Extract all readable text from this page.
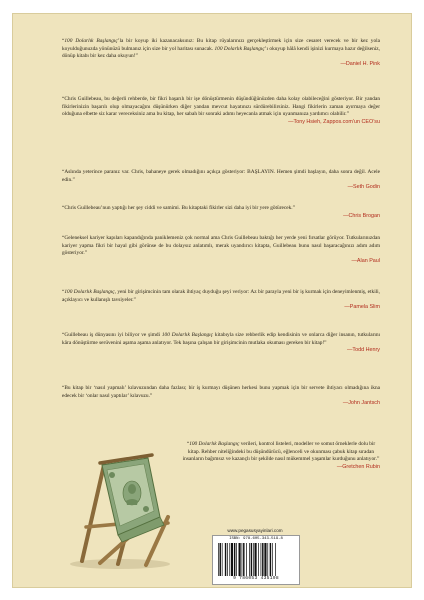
“100 Dolarlık Başlangıç’la bir koyup iki kazanacaksınız: Bu kitap rüyalarınızı gerçekleştirmek için size cesaret verecek ve bir kez yola koyulduğunuzda yönünüzü bulmanız için size bir yol haritası sunacak. 100 Dolarlık Başlangıç’ı okuyup hâlâ kendi işinizi kurmaya hazır değilseniz, dönüp kitabı bir kez daha okuyun!”
—Daniel H. Pink
“Chris Guillebeau, bu değerli rehberde, bir fikri başarılı bir işe dönüştürmenin düşündüğünüzden daha kolay olabileceğini gösteriyor. Bir yandan fikirlerinizin başarılı olup olmayacağını düşünürken diğer yandan mevcut hayatınızı sürdürebilirsiniz. Hangi fikirlerin zaman ayırmaya değer olduğuna elbette siz karar vereceksiniz ama bu kitap, her sabah bir sonraki adımı heyecanla atmak için uyanmanıza yardımcı olabilir.”
—Tony Hsieh, Zappos.com’un CEO’su
“Aslında yeterince paranız var. Chris, bahaneye gerek olmadığını açıkça gösteriyor: BAŞLAYIN. Hemen şimdi başlayın, daha sonra değil. Acele edin.”
—Seth Godin
“Chris Guillebeau’nun yaptığı her şey ciddi ve samimi. Bu kitaptaki fikirler sizi daha iyi bir yere götürecek.”
—Chris Brogan
“Geleneksel kariyer kapıları kapandığında paniklemeniz çok normal ama Chris Guillebeau baktığı her yerde yeni fırsatlar görüyor. Tutkularınızdan kariyer yapma fikri bir hayal gibi görünse de bu dolaysız anlatımlı, merak uyandırıcı kitapta, Guillebeau bunu nasıl başaracağınızı adım adım gösteriyor.”
—Alan Paul
“100 Dolarlık Başlangıç, yeni bir girişimcinin tam olarak ihtiyaç duyduğu şeyi veriyor: Az bir parayla yeni bir iş kurmak için deneyimlenmiş, etkili, açıklayıcı ve kullanışlı tavsiyeler.”
—Pamela Slim
“Guillebeau iş dünyasını iyi biliyor ve şimdi 100 Dolarlık Başlangıç kitabıyla size rehberlik edip kendisinin ve onlarca diğer insanın, tutkularını kâra dönüştürme serüvenini aşama aşama anlatıyor. Tek başına çalışan bir girişimcinin mutlaka okuması gereken bir kitap!”
—Todd Henry
“Bu kitap bir ‘nasıl yapmalı’ kılavuzundan daha fazlası; bir iş kurmayı düşünen herkesi bunu yapmak için bir servete ihtiyacı olmadığına ikna edecek bir ‘onlar nasıl yaptılar’ kılavuzu.”
—John Jantsch
“100 Dolarlık Başlangıç verileri, kontrol listeleri, modeller ve somut örneklerle dolu bir kitap. Rehber niteliğindeki bu düşündürücü, eğlenceli ve okunması çabuk kitap sıradan insanların bağımsız ve kazançlı bir şekilde nasıl mükemmel yaşamlar kurduğunu anlatıyor.”
—Gretchen Rubin
www.pegasusyayinlari.com
ISBN: 978-605-343-519-8
9 786053 435198
